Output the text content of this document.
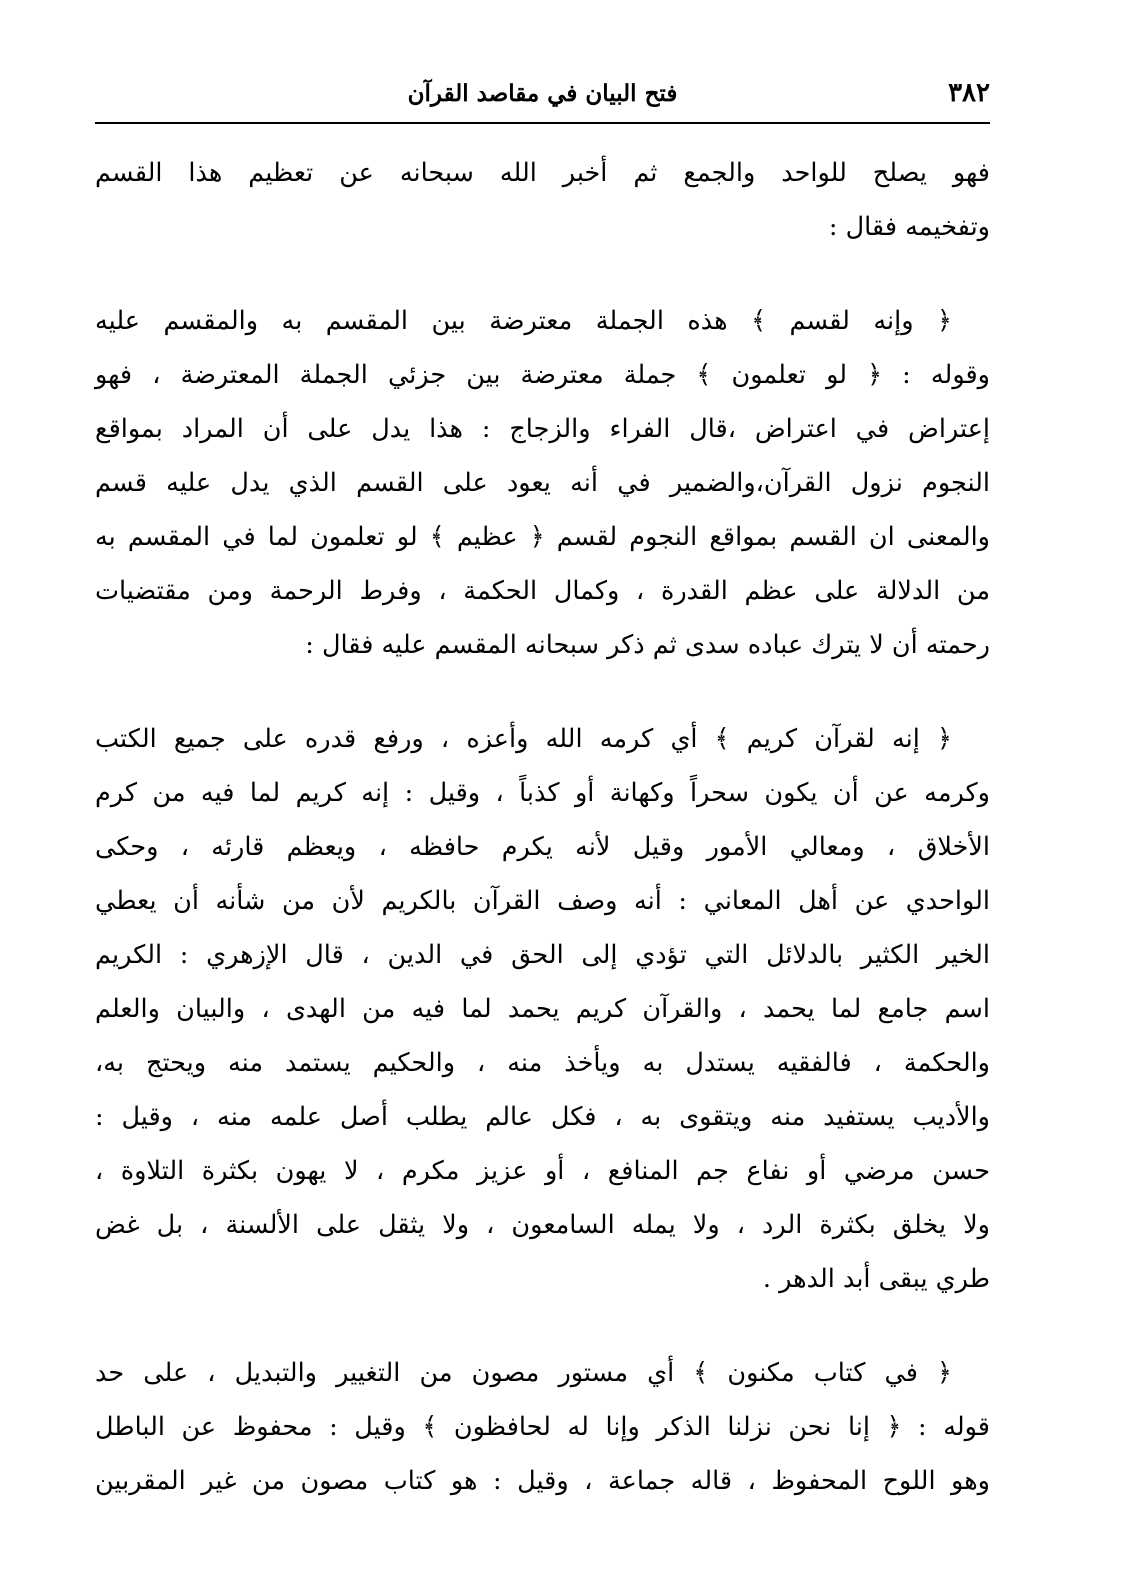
٣٨٢
فتح البيان في مقاصد القرآن

فهو يصلح للواحد والجمع ثم أخبر الله سبحانه عن تعظيم هذا القسم
وتفخيمه فقال :

﴿ وإنه لقسم ﴾ هذه الجملة معترضة بين المقسم به والمقسم عليه
وقوله : ﴿ لو تعلمون ﴾ جملة معترضة بين جزئي الجملة المعترضة ، فهو
إعتراض في اعتراض ،قال الفراء والزجاج : هذا يدل على أن المراد بمواقع
النجوم نزول القرآن،والضمير في أنه يعود على القسم الذي يدل عليه قسم
والمعنى ان القسم بمواقع النجوم لقسم ﴿ عظيم ﴾ لو تعلمون لما في المقسم به
من الدلالة على عظم القدرة ، وكمال الحكمة ، وفرط الرحمة ومن مقتضيات
رحمته أن لا يترك عباده سدى ثم ذكر سبحانه المقسم عليه فقال :

﴿ إنه لقرآن كريم ﴾ أي كرمه الله وأعزه ، ورفع قدره على جميع الكتب
وكرمه عن أن يكون سحراً وكهانة أو كذباً ، وقيل : إنه كريم لما فيه من كرم
الأخلاق ، ومعالي الأمور وقيل لأنه يكرم حافظه ، ويعظم قارئه ، وحكى
الواحدي عن أهل المعاني : أنه وصف القرآن بالكريم لأن من شأنه أن يعطي
الخير الكثير بالدلائل التي تؤدي إلى الحق في الدين ، قال الإزهري : الكريم
اسم جامع لما يحمد ، والقرآن كريم يحمد لما فيه من الهدى ، والبيان والعلم
والحكمة ، فالفقيه يستدل به ويأخذ منه ، والحكيم يستمد منه ويحتج به،
والأديب يستفيد منه ويتقوى به ، فكل عالم يطلب أصل علمه منه ، وقيل :
حسن مرضي أو نفاع جم المنافع ، أو عزيز مكرم ، لا يهون بكثرة التلاوة ،
ولا يخلق بكثرة الرد ، ولا يمله السامعون ، ولا يثقل على الألسنة ، بل غض
طري يبقى أبد الدهر .

﴿ في كتاب مكنون ﴾ أي مستور مصون من التغيير والتبديل ، على حد
قوله : ﴿ إنا نحن نزلنا الذكر وإنا له لحافظون ﴾ وقيل : محفوظ عن الباطل
وهو اللوح المحفوظ ، قاله جماعة ، وقيل : هو كتاب مصون من غير المقربين
